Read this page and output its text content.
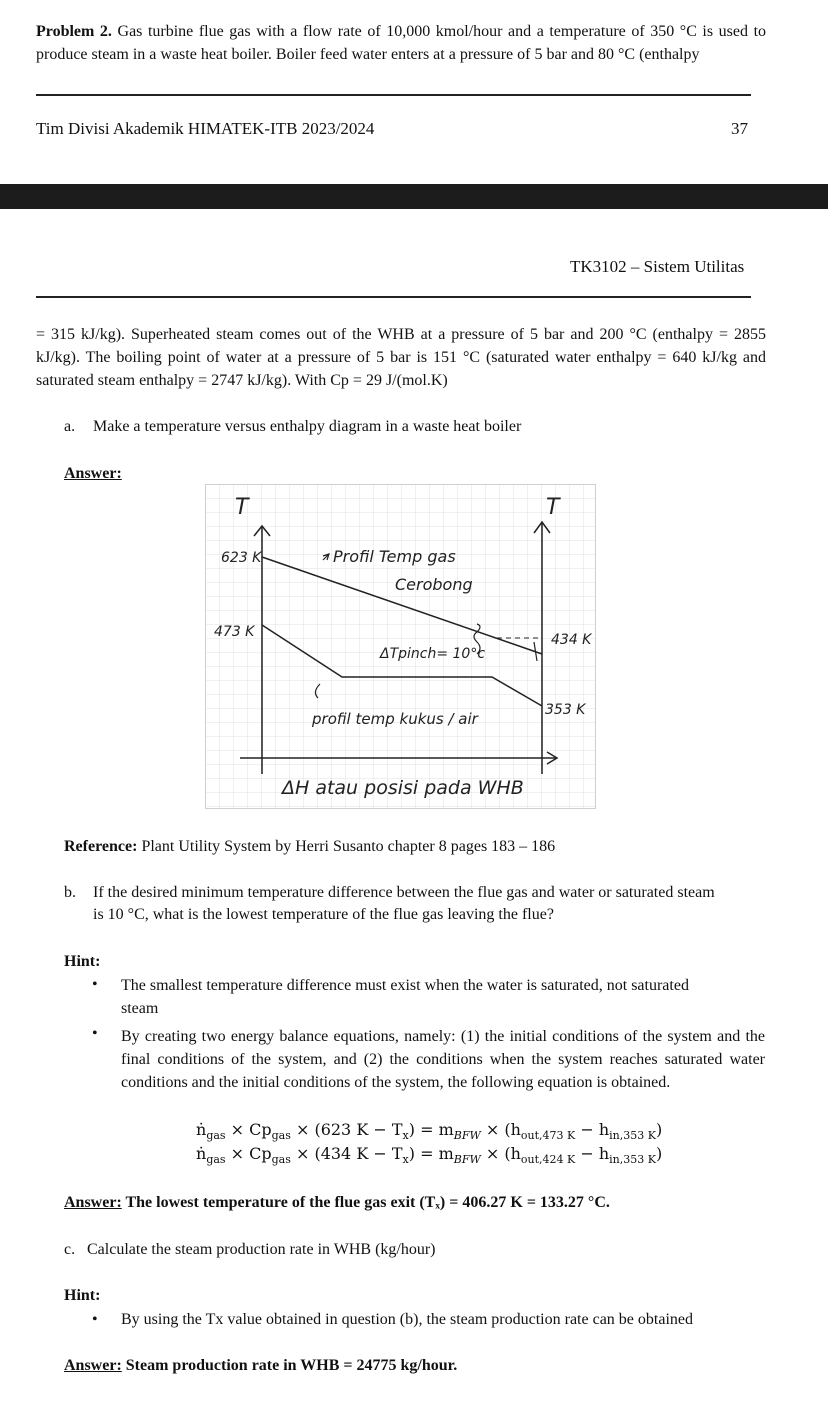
Problem 2. Gas turbine flue gas with a flow rate of 10,000 kmol/hour and a temperature of 350 °C is used to produce steam in a waste heat boiler. Boiler feed water enters at a pressure of 5 bar and 80 °C (enthalpy
Tim Divisi Akademik HIMATEK-ITB 2023/2024	37
TK3102 – Sistem Utilitas
= 315 kJ/kg). Superheated steam comes out of the WHB at a pressure of 5 bar and 200 °C (enthalpy = 2855 kJ/kg). The boiling point of water at a pressure of 5 bar is 151 °C (saturated water enthalpy = 640 kJ/kg and saturated steam enthalpy = 2747 kJ/kg). With Cp = 29 J/(mol.K)
a. Make a temperature versus enthalpy diagram in a waste heat boiler
Answer:
T	T
623 K
473 K	434 K
353 K
Profil Temp gas
Cerobong
ΔTpinch= 10°c
profil temp kukus / air
ΔH atau posisi pada WHB
Reference: Plant Utility System by Herri Susanto chapter 8 pages 183 – 186
b. If the desired minimum temperature difference between the flue gas and water or saturated steam
is 10 °C, what is the lowest temperature of the flue gas leaving the flue?
Hint:
• The smallest temperature difference must exist when the water is saturated, not saturated
steam
• By creating two energy balance equations, namely: (1) the initial conditions of the system and the final conditions of the system, and (2) the conditions when the system reaches saturated water conditions and the initial conditions of the system, the following equation is obtained.
ṅ$_{gas}$ × $Cp_{gas} \times (623$ $K - T_x) = m_{BFW} \times (h_{out,473 K} - h_{in,353 K})$
ṅ$_{gas}$ × $Cp_{gas} \times (434$ $K - T_x) = m_{BFW} \times (h_{out,424 K} - h_{in,353 K})$
Answer: The lowest temperature of the flue gas exit (Tₓ) = 406.27 K = 133.27 °C.
c. Calculate the steam production rate in WHB (kg/hour)
Hint:
• By using the Tx value obtained in question (b), the steam production rate can be obtained
Answer: Steam production rate in WHB = 24775 kg/hour.
